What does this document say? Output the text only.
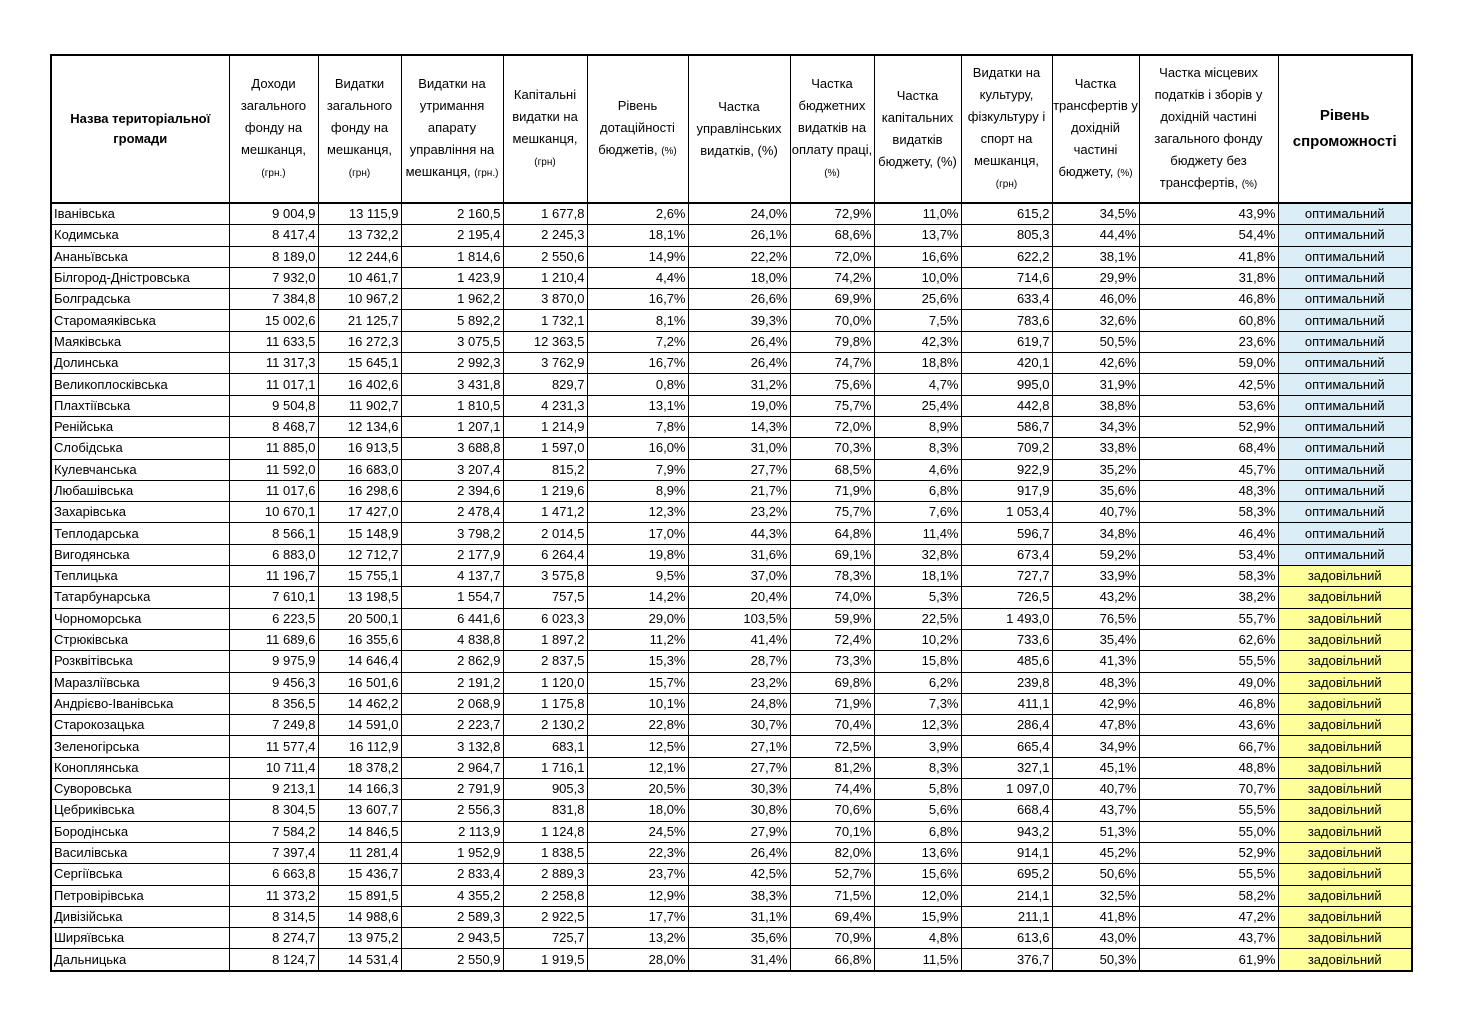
Назва територіальної громади	Доходи загального фонду на мешканця, (грн.)	Видатки загального фонду на мешканця, (грн)	Видатки на утримання апарату управління на мешканця, (грн.)	Капітальні видатки на мешканця, (грн)	Рівень дотаційності бюджетів, (%)	Частка управлінських видатків, (%)	Частка бюджетних видатків на оплату праці, (%)	Частка капітальних видатків бюджету, (%)	Видатки на культуру, фізкультуру і спорт на мешканця, (грн)	Частка трансфертів у дохідній частині бюджету, (%)	Частка місцевих податків і зборів у дохідній частині загального фонду бюджету без трансфертів, (%)	Рівень спроможності
Іванівська	9 004,9	13 115,9	2 160,5	1 677,8	2,6%	24,0%	72,9%	11,0%	615,2	34,5%	43,9%	оптимальний
Кодимська	8 417,4	13 732,2	2 195,4	2 245,3	18,1%	26,1%	68,6%	13,7%	805,3	44,4%	54,4%	оптимальний
Ананьївська	8 189,0	12 244,6	1 814,6	2 550,6	14,9%	22,2%	72,0%	16,6%	622,2	38,1%	41,8%	оптимальний
Білгород-Дністровська	7 932,0	10 461,7	1 423,9	1 210,4	4,4%	18,0%	74,2%	10,0%	714,6	29,9%	31,8%	оптимальний
Болградська	7 384,8	10 967,2	1 962,2	3 870,0	16,7%	26,6%	69,9%	25,6%	633,4	46,0%	46,8%	оптимальний
Старомаяківська	15 002,6	21 125,7	5 892,2	1 732,1	8,1%	39,3%	70,0%	7,5%	783,6	32,6%	60,8%	оптимальний
Маяківська	11 633,5	16 272,3	3 075,5	12 363,5	7,2%	26,4%	79,8%	42,3%	619,7	50,5%	23,6%	оптимальний
Долинська	11 317,3	15 645,1	2 992,3	3 762,9	16,7%	26,4%	74,7%	18,8%	420,1	42,6%	59,0%	оптимальний
Великоплосківська	11 017,1	16 402,6	3 431,8	829,7	0,8%	31,2%	75,6%	4,7%	995,0	31,9%	42,5%	оптимальний
Плахтіївська	9 504,8	11 902,7	1 810,5	4 231,3	13,1%	19,0%	75,7%	25,4%	442,8	38,8%	53,6%	оптимальний
Ренійська	8 468,7	12 134,6	1 207,1	1 214,9	7,8%	14,3%	72,0%	8,9%	586,7	34,3%	52,9%	оптимальний
Слобідська	11 885,0	16 913,5	3 688,8	1 597,0	16,0%	31,0%	70,3%	8,3%	709,2	33,8%	68,4%	оптимальний
Кулевчанська	11 592,0	16 683,0	3 207,4	815,2	7,9%	27,7%	68,5%	4,6%	922,9	35,2%	45,7%	оптимальний
Любашівська	11 017,6	16 298,6	2 394,6	1 219,6	8,9%	21,7%	71,9%	6,8%	917,9	35,6%	48,3%	оптимальний
Захарівська	10 670,1	17 427,0	2 478,4	1 471,2	12,3%	23,2%	75,7%	7,6%	1 053,4	40,7%	58,3%	оптимальний
Теплодарська	8 566,1	15 148,9	3 798,2	2 014,5	17,0%	44,3%	64,8%	11,4%	596,7	34,8%	46,4%	оптимальний
Вигодянська	6 883,0	12 712,7	2 177,9	6 264,4	19,8%	31,6%	69,1%	32,8%	673,4	59,2%	53,4%	оптимальний
Теплицька	11 196,7	15 755,1	4 137,7	3 575,8	9,5%	37,0%	78,3%	18,1%	727,7	33,9%	58,3%	задовільний
Татарбунарська	7 610,1	13 198,5	1 554,7	757,5	14,2%	20,4%	74,0%	5,3%	726,5	43,2%	38,2%	задовільний
Чорноморська	6 223,5	20 500,1	6 441,6	6 023,3	29,0%	103,5%	59,9%	22,5%	1 493,0	76,5%	55,7%	задовільний
Стрюківська	11 689,6	16 355,6	4 838,8	1 897,2	11,2%	41,4%	72,4%	10,2%	733,6	35,4%	62,6%	задовільний
Розквітівська	9 975,9	14 646,4	2 862,9	2 837,5	15,3%	28,7%	73,3%	15,8%	485,6	41,3%	55,5%	задовільний
Маразліївська	9 456,3	16 501,6	2 191,2	1 120,0	15,7%	23,2%	69,8%	6,2%	239,8	48,3%	49,0%	задовільний
Андрієво-Іванівська	8 356,5	14 462,2	2 068,9	1 175,8	10,1%	24,8%	71,9%	7,3%	411,1	42,9%	46,8%	задовільний
Старокозацька	7 249,8	14 591,0	2 223,7	2 130,2	22,8%	30,7%	70,4%	12,3%	286,4	47,8%	43,6%	задовільний
Зеленогірська	11 577,4	16 112,9	3 132,8	683,1	12,5%	27,1%	72,5%	3,9%	665,4	34,9%	66,7%	задовільний
Коноплянська	10 711,4	18 378,2	2 964,7	1 716,1	12,1%	27,7%	81,2%	8,3%	327,1	45,1%	48,8%	задовільний
Суворовська	9 213,1	14 166,3	2 791,9	905,3	20,5%	30,3%	74,4%	5,8%	1 097,0	40,7%	70,7%	задовільний
Цебриківська	8 304,5	13 607,7	2 556,3	831,8	18,0%	30,8%	70,6%	5,6%	668,4	43,7%	55,5%	задовільний
Бородінська	7 584,2	14 846,5	2 113,9	1 124,8	24,5%	27,9%	70,1%	6,8%	943,2	51,3%	55,0%	задовільний
Василівська	7 397,4	11 281,4	1 952,9	1 838,5	22,3%	26,4%	82,0%	13,6%	914,1	45,2%	52,9%	задовільний
Сергіївська	6 663,8	15 436,7	2 833,4	2 889,3	23,7%	42,5%	52,7%	15,6%	695,2	50,6%	55,5%	задовільний
Петровірівська	11 373,2	15 891,5	4 355,2	2 258,8	12,9%	38,3%	71,5%	12,0%	214,1	32,5%	58,2%	задовільний
Дивізійська	8 314,5	14 988,6	2 589,3	2 922,5	17,7%	31,1%	69,4%	15,9%	211,1	41,8%	47,2%	задовільний
Ширяївська	8 274,7	13 975,2	2 943,5	725,7	13,2%	35,6%	70,9%	4,8%	613,6	43,0%	43,7%	задовільний
Дальницька	8 124,7	14 531,4	2 550,9	1 919,5	28,0%	31,4%	66,8%	11,5%	376,7	50,3%	61,9%	задовільний
